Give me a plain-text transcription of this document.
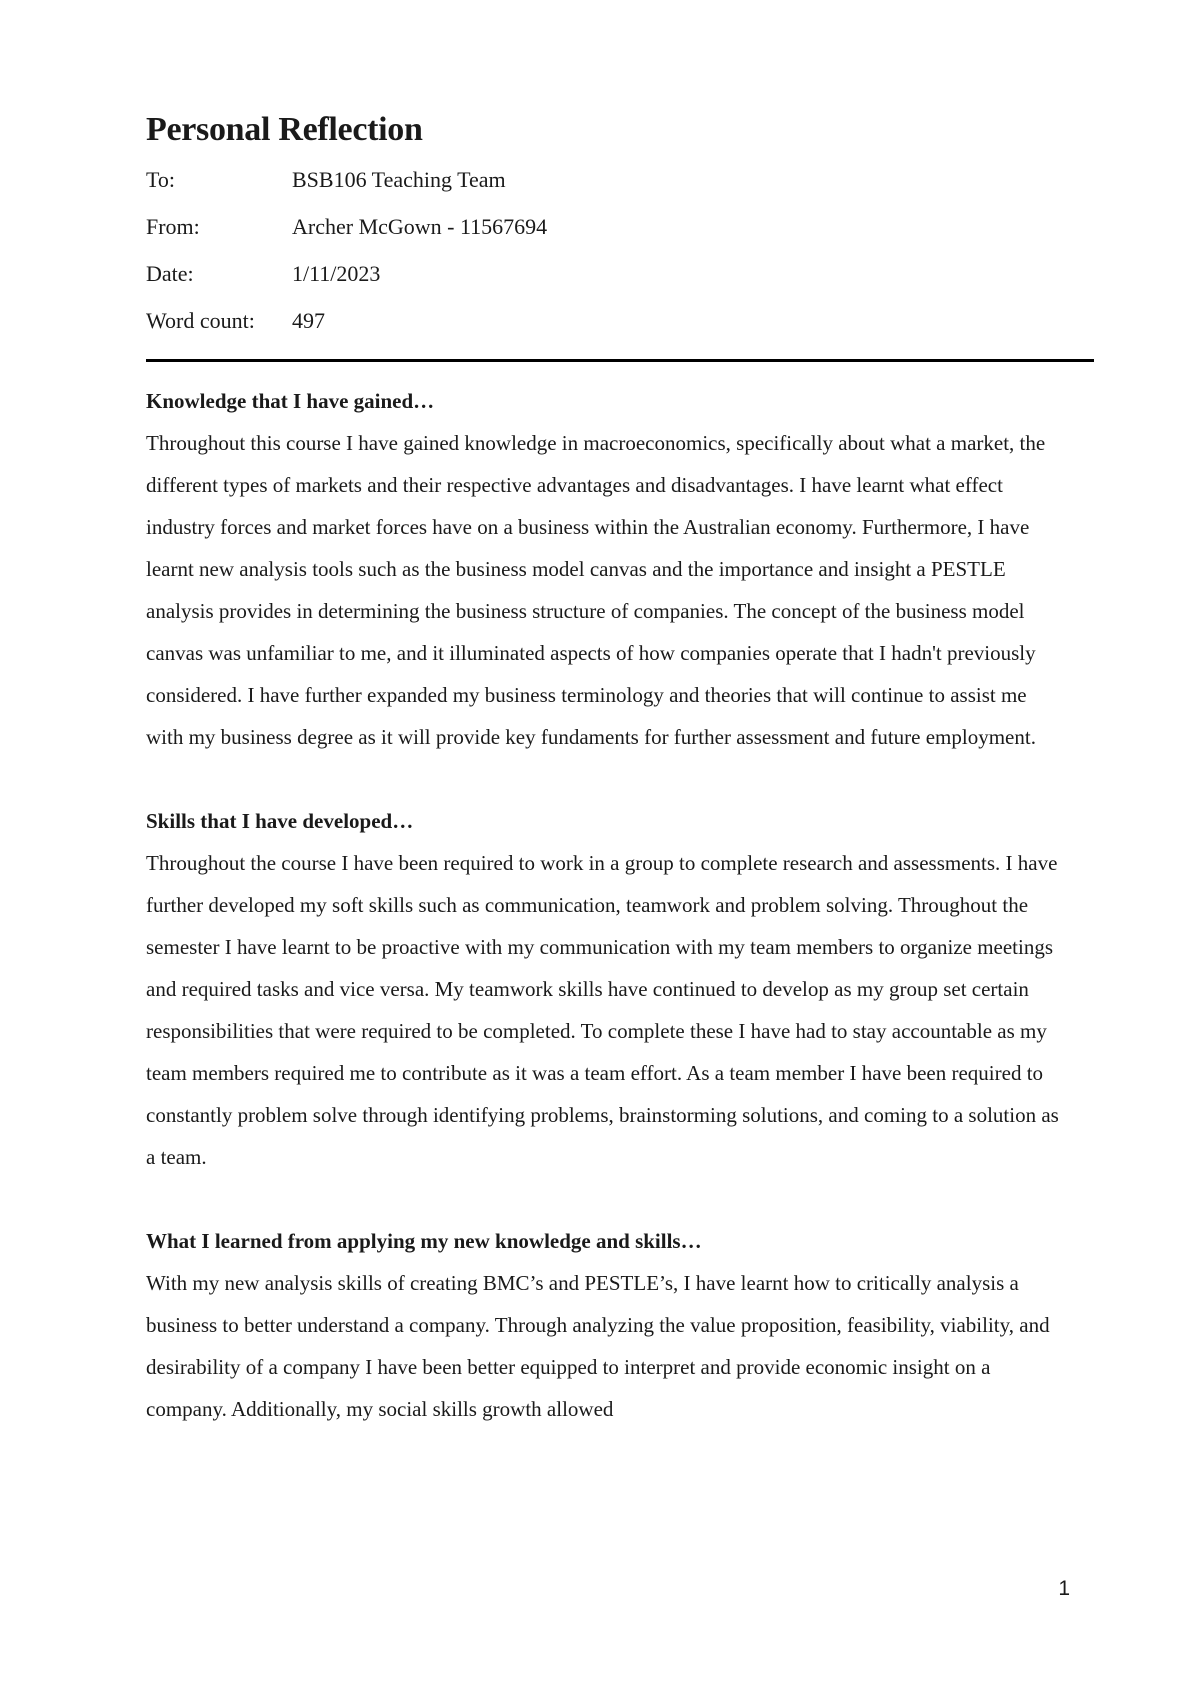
Personal Reflection
To:	BSB106 Teaching Team
From:	Archer McGown - 11567694
Date:	1/11/2023
Word count:	497
Knowledge that I have gained…

Throughout this course I have gained knowledge in macroeconomics, specifically about what a market, the different types of markets and their respective advantages and disadvantages. I have learnt what effect industry forces and market forces have on a business within the Australian economy. Furthermore, I have learnt new analysis tools such as the business model canvas and the importance and insight a PESTLE analysis provides in determining the business structure of companies. The concept of the business model canvas was unfamiliar to me, and it illuminated aspects of how companies operate that I hadn't previously considered. I have further expanded my business terminology and theories that will continue to assist me with my business degree as it will provide key fundaments for further assessment and future employment.

Skills that I have developed…

Throughout the course I have been required to work in a group to complete research and assessments. I have further developed my soft skills such as communication, teamwork and problem solving. Throughout the semester I have learnt to be proactive with my communication with my team members to organize meetings and required tasks and vice versa. My teamwork skills have continued to develop as my group set certain responsibilities that were required to be completed. To complete these I have had to stay accountable as my team members required me to contribute as it was a team effort. As a team member I have been required to constantly problem solve through identifying problems, brainstorming solutions, and coming to a solution as a team.

What I learned from applying my new knowledge and skills…

With my new analysis skills of creating BMC’s and PESTLE’s, I have learnt how to critically analysis a business to better understand a company. Through analyzing the value proposition, feasibility, viability, and desirability of a company I have been better equipped to interpret and provide economic insight on a company. Additionally, my social skills growth allowed

1
